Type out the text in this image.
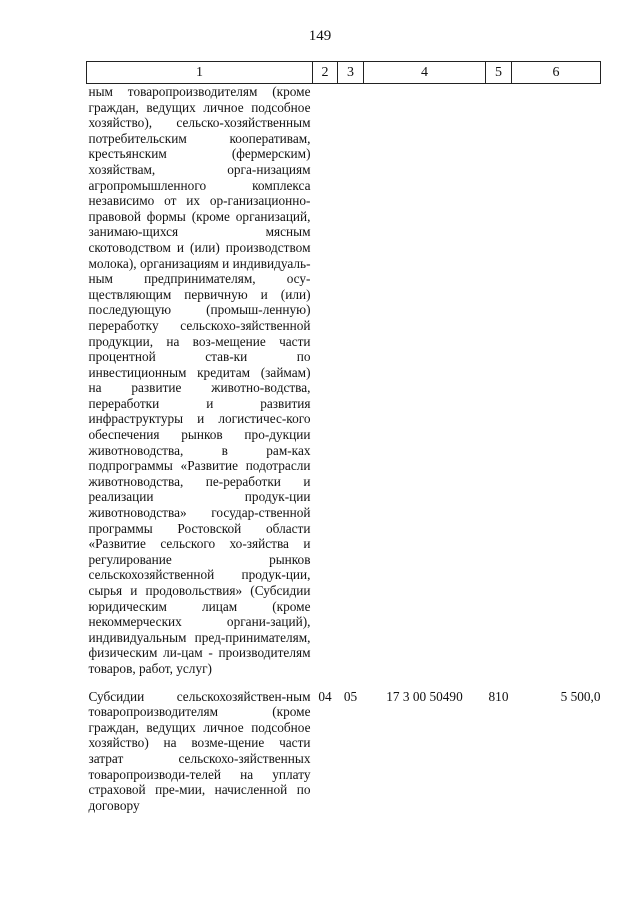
149
1	2	3	4	5	6
ным товаропроизводителям (кроме граждан, ведущих личное подсобное хозяйство), сельско-хозяйственным потребительским кооперативам, крестьянским (фермерским) хозяйствам, орга-низациям агропромышленного комплекса независимо от их ор-ганизационно-правовой формы (кроме организаций, занимаю-щихся мясным скотоводством и (или) производством молока), организациям и индивидуаль-ным предпринимателям, осу-ществляющим первичную и (или) последующую (промыш-ленную) переработку сельскохо-зяйственной продукции, на воз-мещение части процентной став-ки по инвестиционным кредитам (займам) на развитие животно-водства, переработки и развития инфраструктуры и логистичес-кого обеспечения рынков про-дукции животноводства, в рам-ках подпрограммы «Развитие подотрасли животноводства, пе-реработки и реализации продук-ции животноводства» государ-ственной программы Ростовской области «Развитие сельского хо-зяйства и регулирование рынков сельскохозяйственной продук-ции, сырья и продовольствия» (Субсидии юридическим лицам (кроме некоммерческих органи-заций), индивидуальным пред-принимателям, физическим ли-цам - производителям товаров, работ, услуг)					
Субсидии сельскохозяйствен-ным товаропроизводителям (кроме граждан, ведущих личное подсобное хозяйство) на возме-щение части затрат сельскохо-зяйственных товаропроизводи-телей на уплату страховой пре-мии, начисленной по договору	04	05	17 3 00 50490	810	5 500,0
